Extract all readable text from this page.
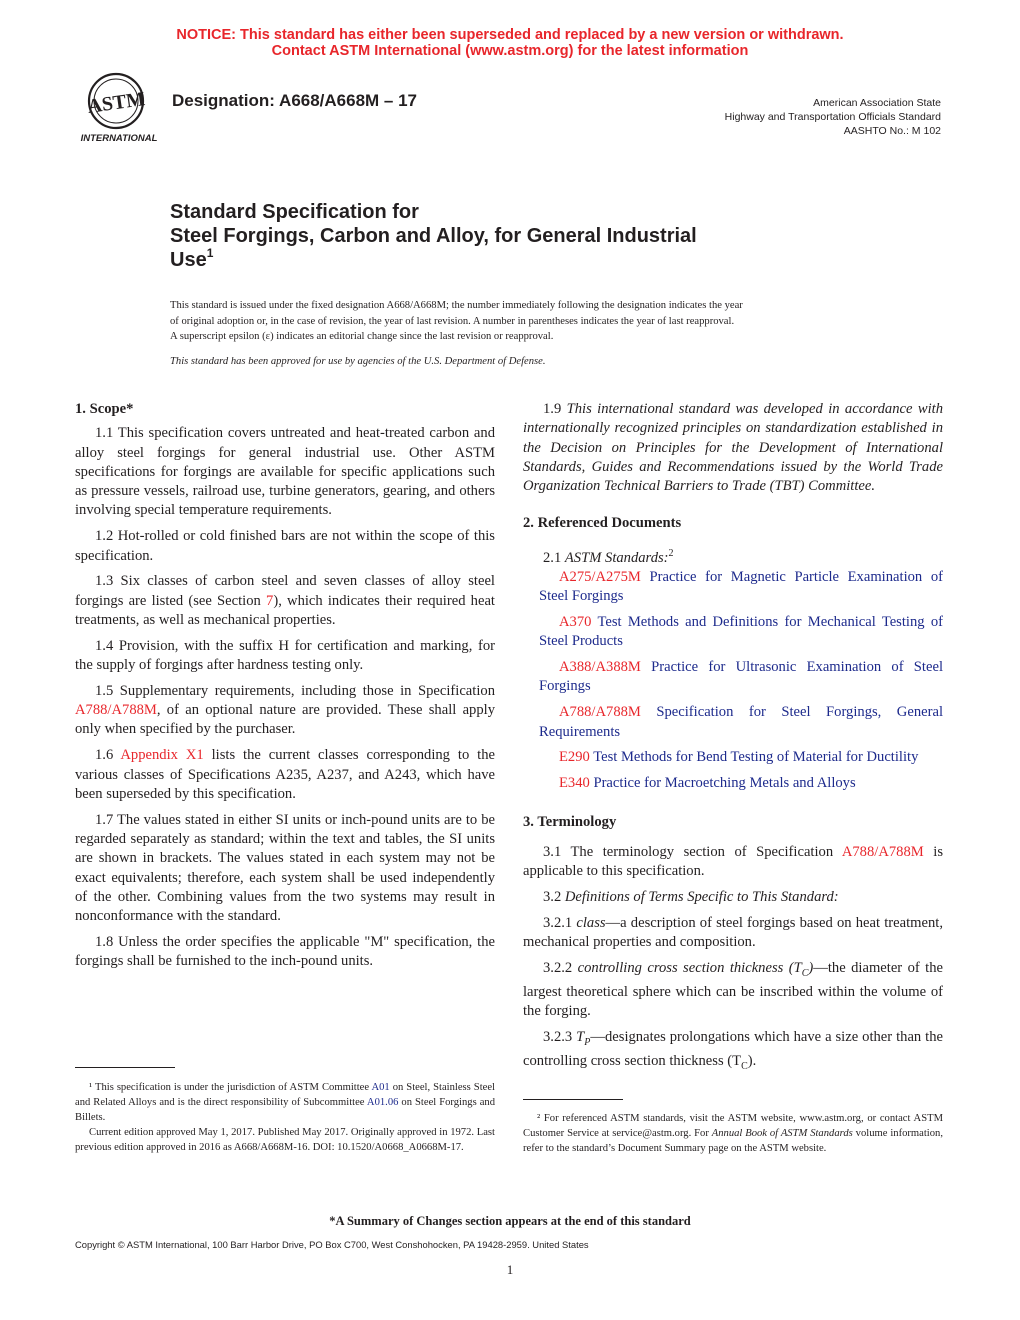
NOTICE: This standard has either been superseded and replaced by a new version or withdrawn.
Contact ASTM International (www.astm.org) for the latest information
ASTM
INTERNATIONAL
Designation: A668/A668M – 17	American Association State
Highway and Transportation Officials Standard
AASHTO No.: M 102
Standard Specification for
Steel Forgings, Carbon and Alloy, for General Industrial
Use$^1$
This standard is issued under the fixed designation A668/A668M; the number immediately following the designation indicates the year
of original adoption or, in the case of revision, the year of last revision. A number in parentheses indicates the year of last reapproval.
A superscript epsilon (ε) indicates an editorial change since the last revision or reapproval.
This standard has been approved for use by agencies of the U.S. Department of Defense.
1. Scope*

1.1 This specification covers untreated and heat-treated carbon and alloy steel forgings for general industrial use. Other ASTM specifications for forgings are available for specific applications such as pressure vessels, railroad use, turbine generators, gearing, and others involving special temperature requirements.

1.2 Hot-rolled or cold finished bars are not within the scope of this specification.

1.3 Six classes of carbon steel and seven classes of alloy steel forgings are listed (see Section 7), which indicates their required heat treatments, as well as mechanical properties.

1.4 Provision, with the suffix H for certification and marking, for the supply of forgings after hardness testing only.

1.5 Supplementary requirements, including those in Specification A788/A788M, of an optional nature are provided. These shall apply only when specified by the purchaser.

1.6 Appendix X1 lists the current classes corresponding to the various classes of Specifications A235, A237, and A243, which have been superseded by this specification.

1.7 The values stated in either SI units or inch-pound units are to be regarded separately as standard; within the text and tables, the SI units are shown in brackets. The values stated in each system may not be exact equivalents; therefore, each system shall be used independently of the other. Combining values from the two systems may result in nonconformance with the standard.

1.8 Unless the order specifies the applicable "M" specification, the forgings shall be furnished to the inch-pound units.

¹ This specification is under the jurisdiction of ASTM Committee A01 on Steel, Stainless Steel and Related Alloys and is the direct responsibility of Subcommittee A01.06 on Steel Forgings and Billets.

Current edition approved May 1, 2017. Published May 2017. Originally approved in 1972. Last previous edition approved in 2016 as A668/A668M-16. DOI: 10.1520/A0668_A0668M-17.

1.9 This international standard was developed in accordance with internationally recognized principles on standardization established in the Decision on Principles for the Development of International Standards, Guides and Recommendations issued by the World Trade Organization Technical Barriers to Trade (TBT) Committee.

2. Referenced Documents

2.1 ASTM Standards:$^2$

A275/A275M Practice for Magnetic Particle Examination of Steel Forgings

A370 Test Methods and Definitions for Mechanical Testing of Steel Products

A388/A388M Practice for Ultrasonic Examination of Steel Forgings

A788/A788M Specification for Steel Forgings, General Requirements

E290 Test Methods for Bend Testing of Material for Ductility

E340 Practice for Macroetching Metals and Alloys

3. Terminology

3.1 The terminology section of Specification A788/A788M is applicable to this specification.

3.2 Definitions of Terms Specific to This Standard:

3.2.1 class—a description of steel forgings based on heat treatment, mechanical properties and composition.

3.2.2 controlling cross section thickness $(T_C)—the$ diameter of the largest theoretical sphere which can be inscribed within the volume of the forging.

3.2.3 $T_P—designates$ prolongations which have a size other than the controlling cross section thickness $(T_C)$.

² For referenced ASTM standards, visit the ASTM website, www.astm.org, or contact ASTM Customer Service at service@astm.org. For Annual Book of ASTM Standards volume information, refer to the standard’s Document Summary page on the ASTM website.

*A Summary of Changes section appears at the end of this standard
Copyright © ASTM International, 100 Barr Harbor Drive, PO Box C700, West Conshohocken, PA 19428-2959. United States
1
